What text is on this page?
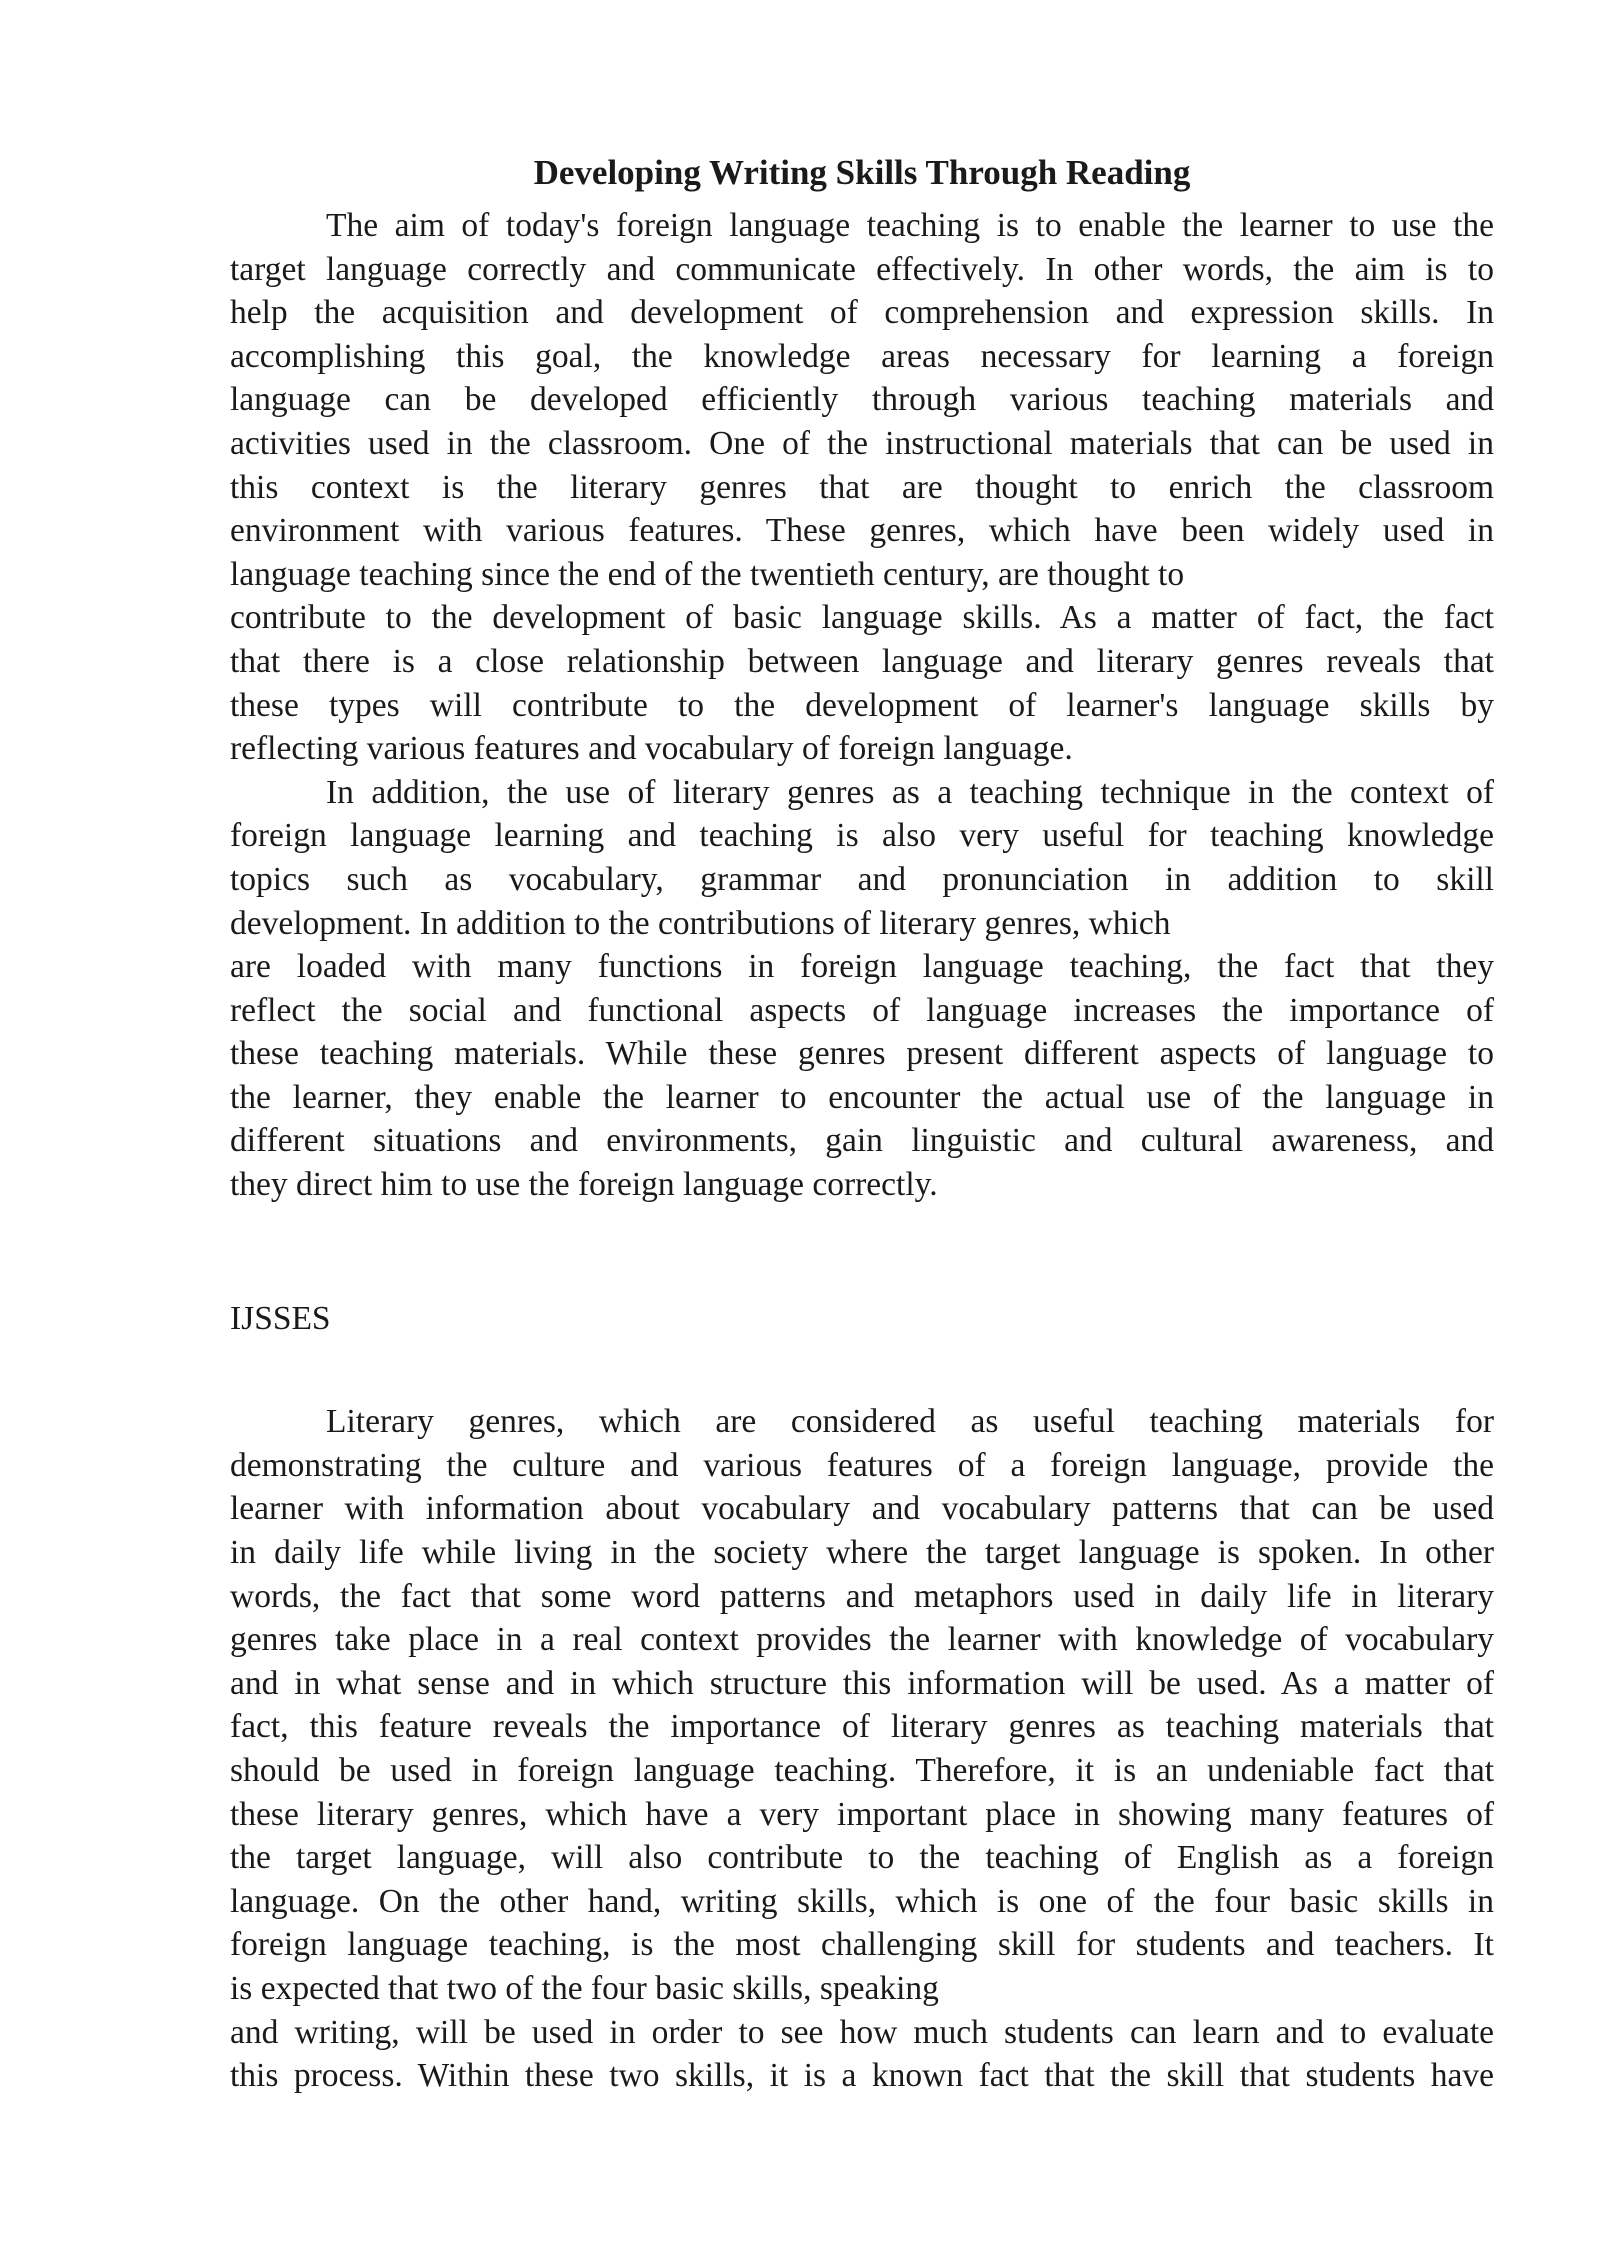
Developing Writing Skills Through Reading
The aim of today's foreign language teaching is to enable the learner to use the
target language correctly and communicate effectively. In other words, the aim is to
help the acquisition and development of comprehension and expression skills. In
accomplishing this goal, the knowledge areas necessary for learning a foreign
language can be developed efficiently through various teaching materials and
activities used in the classroom. One of the instructional materials that can be used in
this context is the literary genres that are thought to enrich the classroom
environment with various features. These genres, which have been widely used in
language teaching since the end of the twentieth century, are thought to
contribute to the development of basic language skills. As a matter of fact, the fact
that there is a close relationship between language and literary genres reveals that
these types will contribute to the development of learner's language skills by
reflecting various features and vocabulary of foreign language.
In addition, the use of literary genres as a teaching technique in the context of
foreign language learning and teaching is also very useful for teaching knowledge
topics such as vocabulary, grammar and pronunciation in addition to skill
development. In addition to the contributions of literary genres, which
are loaded with many functions in foreign language teaching, the fact that they
reflect the social and functional aspects of language increases the importance of
these teaching materials. While these genres present different aspects of language to
the learner, they enable the learner to encounter the actual use of the language in
different situations and environments, gain linguistic and cultural awareness, and
they direct him to use the foreign language correctly.
IJSSES
Literary genres, which are considered as useful teaching materials for
demonstrating the culture and various features of a foreign language, provide the
learner with information about vocabulary and vocabulary patterns that can be used
in daily life while living in the society where the target language is spoken. In other
words, the fact that some word patterns and metaphors used in daily life in literary
genres take place in a real context provides the learner with knowledge of vocabulary
and in what sense and in which structure this information will be used. As a matter of
fact, this feature reveals the importance of literary genres as teaching materials that
should be used in foreign language teaching. Therefore, it is an undeniable fact that
these literary genres, which have a very important place in showing many features of
the target language, will also contribute to the teaching of English as a foreign
language. On the other hand, writing skills, which is one of the four basic skills in
foreign language teaching, is the most challenging skill for students and teachers. It
is expected that two of the four basic skills, speaking
and writing, will be used in order to see how much students can learn and to evaluate
this process. Within these two skills, it is a known fact that the skill that students have
